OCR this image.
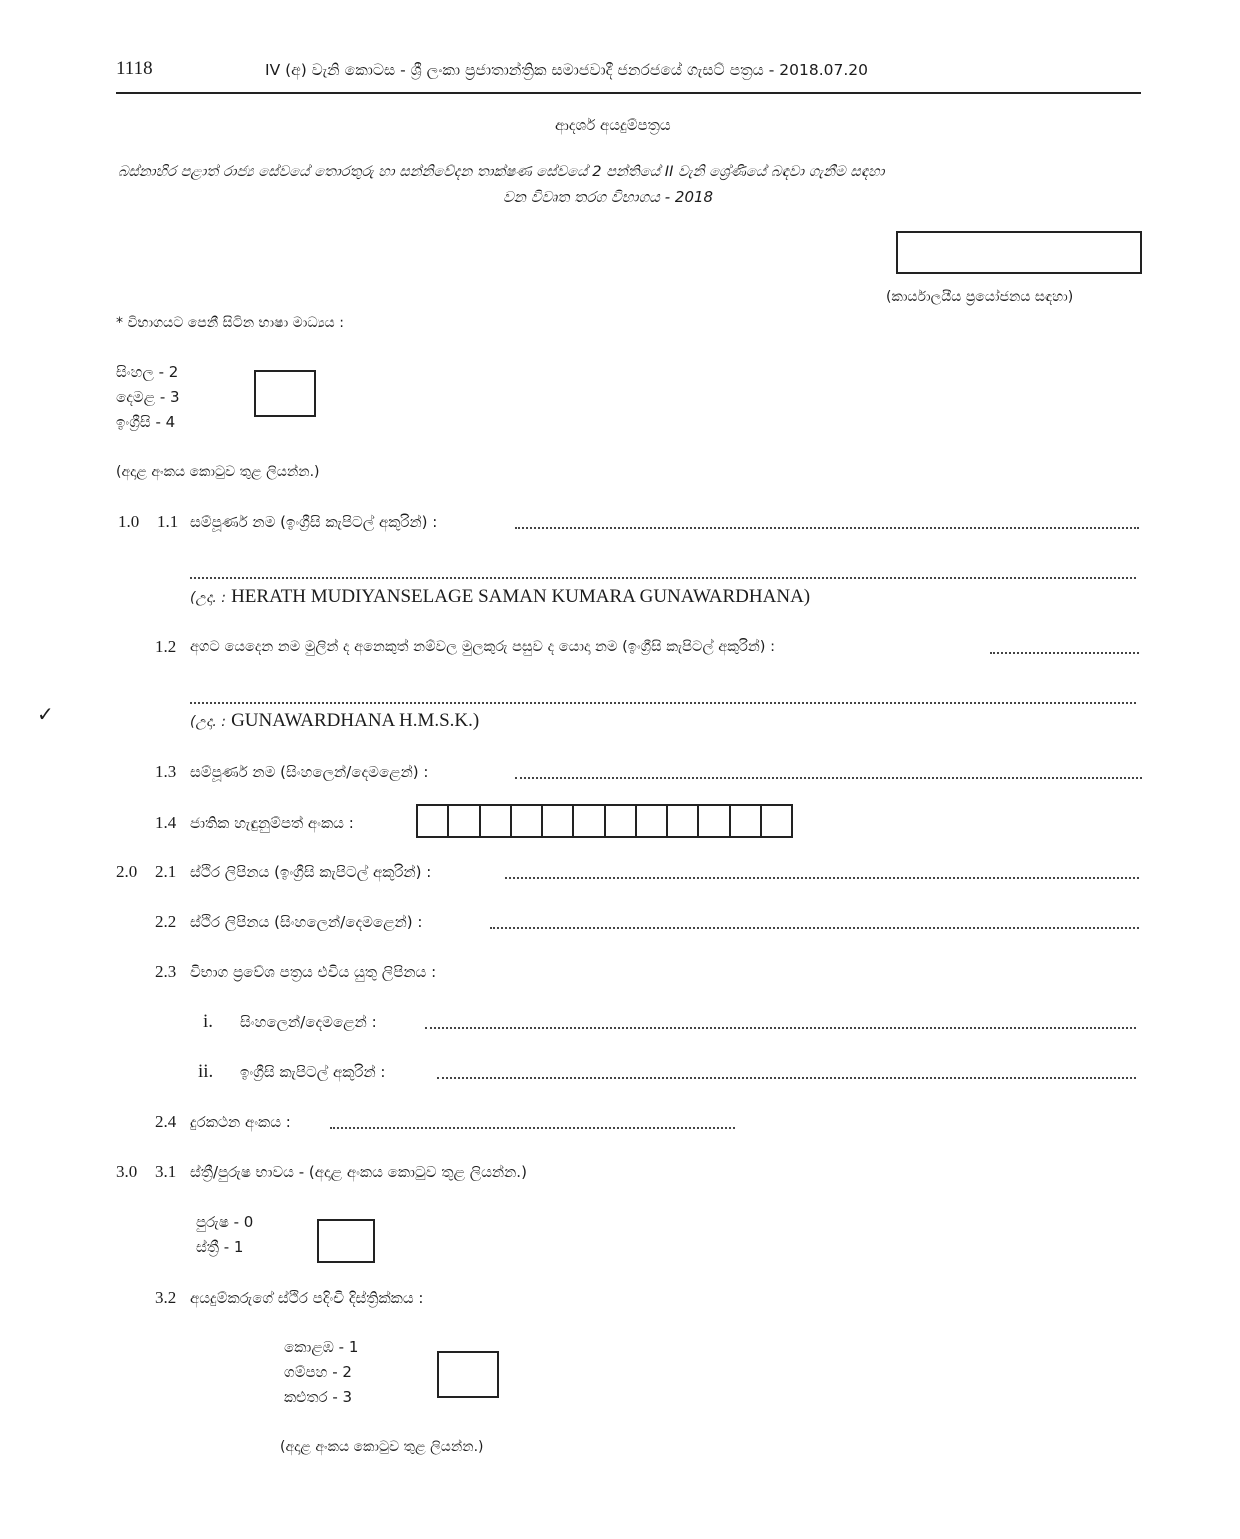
1118	IV (අ) වැනි කොටස - ශ්‍රී ලංකා ප්‍රජාතාන්ත්‍රික සමාජවාදී ජනරජයේ ගැසට් පත්‍රය - 2018.07.20
ආදර්ශ අයදුම්පත්‍රය
බස්නාහිර පළාත් රාජ්‍ය සේවයේ තොරතුරු හා සන්නිවේදන තාක්ෂණ සේවයේ 2 පන්තියේ II වැනි ශ්‍රේණියේ බඳවා ගැනීම සඳහා
වන විවෘත තරග විභාගය - 2018
(කාර්යාලයීය ප්‍රයෝජනය සඳහා)
* විභාගයට පෙනී සිටින භාෂා මාධ්‍යය :
සිංහල - 2
දෙමළ - 3
ඉංග්‍රීසි - 4
(අදාළ අංකය කොටුව තුළ ලියන්න.)
1.0 1.1 සම්පූර්ණ නම (ඉංග්‍රීසි කැපිටල් අකුරින්) :
(උදා. : HERATH MUDIYANSELAGE SAMAN KUMARA GUNAWARDHANA)
1.2 අගට යෙදෙන නම මුලින් ද අනෙකුත් නම්වල මුලකුරු පසුව ද යොදා නම (ඉංග්‍රීසි කැපිටල් අකුරින්) :
✓	(උදා. : GUNAWARDHANA H.M.S.K.)
1.3 සම්පූර්ණ නම (සිංහලෙන්/දෙමළෙන්) :
1.4 ජාතික හැඳුනුම්පත් අංකය :
2.0 2.1 ස්ථිර ලිපිනය (ඉංග්‍රීසි කැපිටල් අකුරින්) :
2.2 ස්ථිර ලිපිනය (සිංහලෙන්/දෙමළෙන්) :
2.3 විභාග ප්‍රවේශ පත්‍රය එවිය යුතු ලිපිනය :
i. සිංහලෙන්/දෙමළෙන් :
ii. ඉංග්‍රීසි කැපිටල් අකුරින් :
2.4 දුරකථන අංකය :
3.0 3.1 ස්ත්‍රී/පුරුෂ භාවය - (අදාළ අංකය කොටුව තුළ ලියන්න.)
පුරුෂ - 0
ස්ත්‍රී - 1
3.2 අයදුම්කරුගේ ස්ථිර පදිංචි දිස්ත්‍රික්කය :
කොළඹ - 1
ගම්පහ - 2
කළුතර - 3
(අදාළ අංකය කොටුව තුළ ලියන්න.)
